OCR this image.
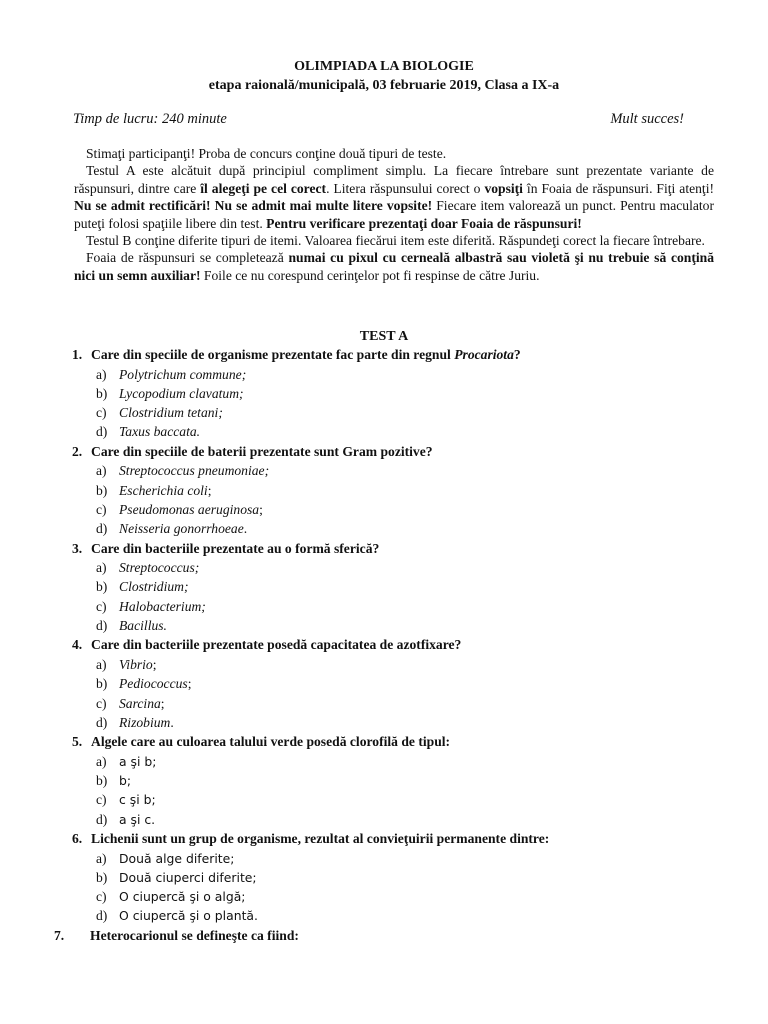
OLIMPIADA LA BIOLOGIE
etapa raională/municipală, 03 februarie 2019, Clasa a IX-a
Timp de lucru: 240 minute	Mult succes!

Stimaţi participanţi! Proba de concurs conţine două tipuri de teste.

Testul A este alcătuit după principiul compliment simplu. La fiecare întrebare sunt prezentate variante de răspunsuri, dintre care îl alegeţi pe cel corect. Litera răspunsului corect o vopsiţi în Foaia de răspunsuri. Fiţi atenţi! Nu se admit rectificări! Nu se admit mai multe litere vopsite! Fiecare item valorează un punct. Pentru maculator puteţi folosi spaţiile libere din test. Pentru verificare prezentaţi doar Foaia de răspunsuri!

Testul B conţine diferite tipuri de itemi. Valoarea fiecărui item este diferită. Răspundeţi corect la fiecare întrebare.

Foaia de răspunsuri se completează numai cu pixul cu cerneală albastră sau violetă şi nu trebuie să conţină nici un semn auxiliar! Foile ce nu corespund cerinţelor pot fi respinse de către Juriu.

TEST A
1. Care din speciile de organisme prezentate fac parte din regnul Procariota?
a) Polytrichum commune;
b) Lycopodium clavatum;
c) Clostridium tetani;
d) Taxus baccata.
2. Care din speciile de baterii prezentate sunt Gram pozitive?
a) Streptococcus pneumoniae;
b) Escherichia coli;
c) Pseudomonas aeruginosa;
d) Neisseria gonorrhoeae.
3. Care din bacteriile prezentate au o formă sferică?
a) Streptococcus;
b) Clostridium;
c) Halobacterium;
d) Bacillus.
4. Care din bacteriile prezentate posedă capacitatea de azotfixare?
a) Vibrio;
b) Pediococcus;
c) Sarcina;
d) Rizobium.
5. Algele care au culoarea talului verde posedă clorofilă de tipul:
a) a şi b;
b) b;
c) c şi b;
d) a şi c.
6. Lichenii sunt un grup de organisme, rezultat al convieţuirii permanente dintre:
a) Două alge diferite;
b) Două ciuperci diferite;
c) O ciupercă şi o algă;
d) O ciupercă şi o plantă.
7. Heterocarionul se defineşte ca fiind:
